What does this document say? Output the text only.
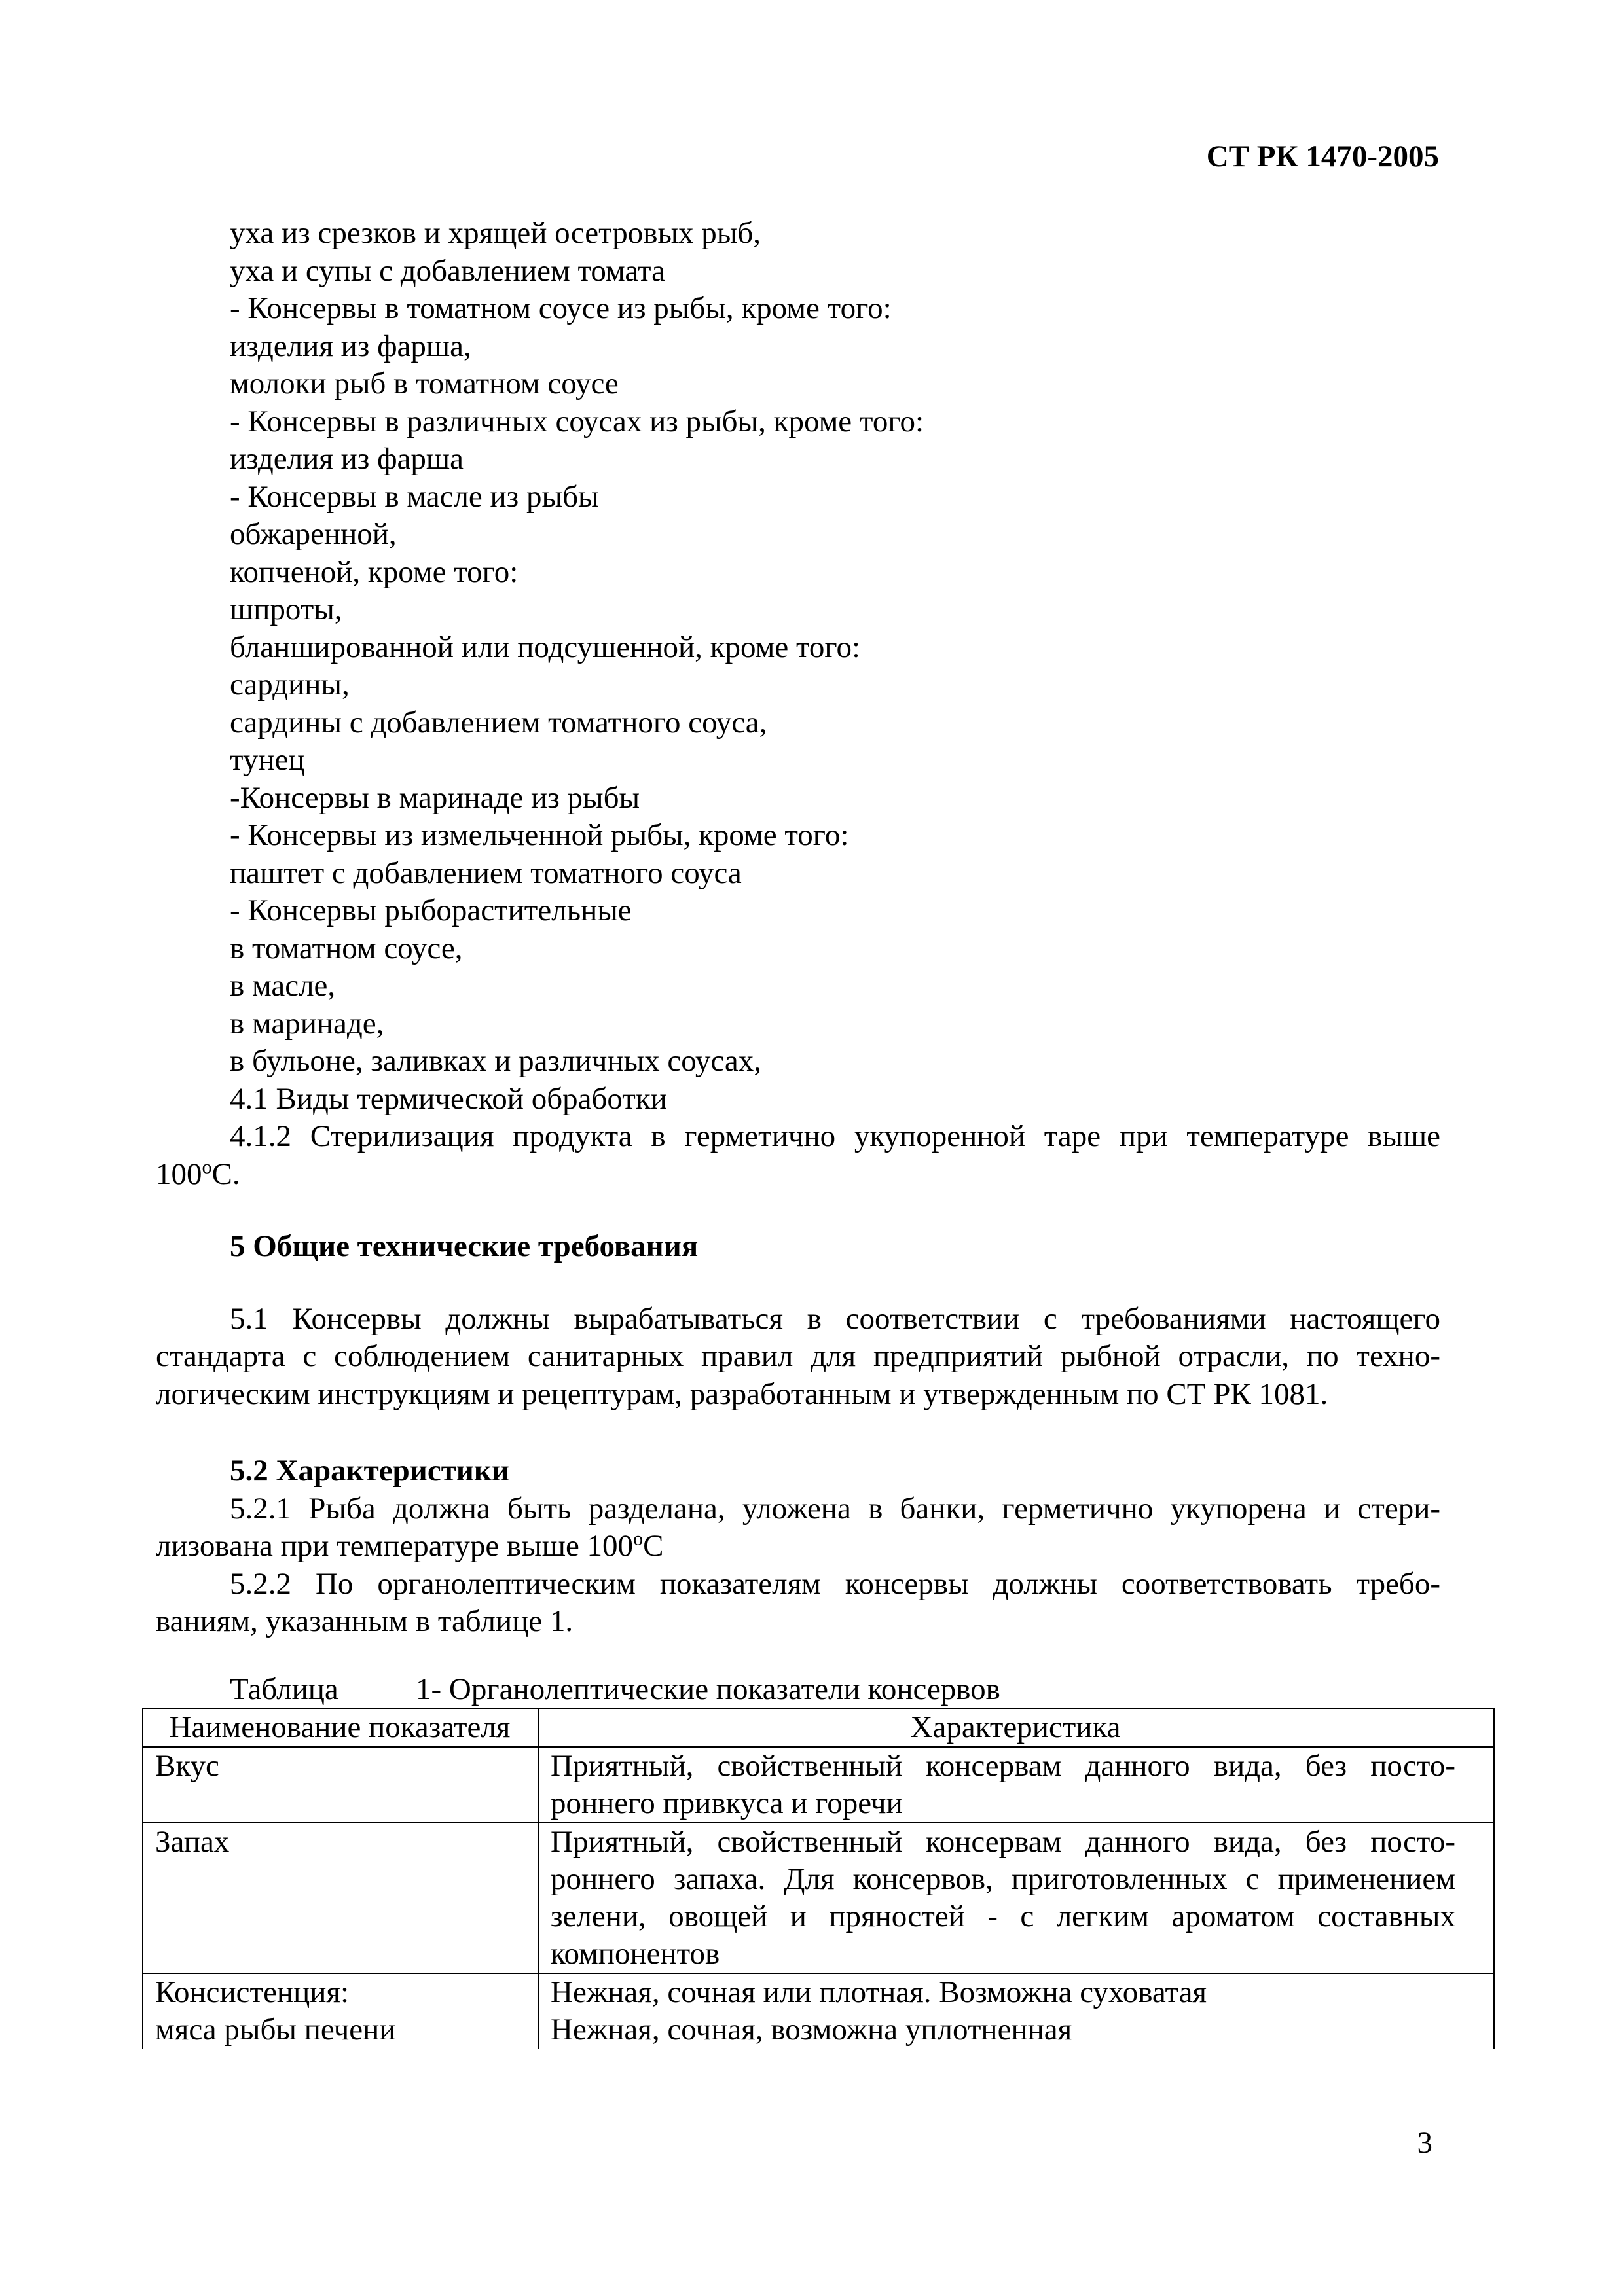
СТ РК 1470-2005

уха из срезков и хрящей осетровых рыб,

уха и супы с добавлением томата

- Консервы в томатном соусе из рыбы, кроме того:

изделия из фарша,

молоки рыб в томатном соусе

- Консервы в различных соусах из рыбы, кроме того:

изделия из фарша

- Консервы в масле из рыбы

обжаренной,

копченой, кроме того:

шпроты,

бланшированной или подсушенной, кроме того:

сардины,

сардины с добавлением томатного соуса,

тунец

-Консервы в маринаде из рыбы

- Консервы из измельченной рыбы, кроме того:

паштет с добавлением томатного соуса

- Консервы рыборастительные

в томатном соусе,

в масле,

в маринаде,

в бульоне, заливках и различных соусах,

4.1 Виды термической обработки

4.1.2 Стерилизация продукта в герметично укупоренной таре при температуре выше

$100^оС$.

5 Общие технические требования

5.1 Консервы должны вырабатываться в соответствии с требованиями настоящего

стандарта с соблюдением санитарных правил для предприятий рыбной отрасли, по техно-

логическим инструкциям и рецептурам, разработанным и утвержденным по СТ РК 1081.

5.2 Характеристики

5.2.1 Рыба должна быть разделана, уложена в банки, герметично укупорена и стери-

лизована при температуре выше $100^оС$

5.2.2 По органолептическим показателям консервы должны соответствовать требо-

ваниям, указанным в таблице 1.

Таблица	1- Органолептические показатели консервов
Наименование показателя	Характеристика
Вкус	Приятный, свойственный консервам данного вида, без посто-
роннего привкуса и горечи

Запах	Приятный, свойственный консервам данного вида, без посто-
роннего запаха. Для консервов, приготовленных с применением
зелени, овощей и пряностей - с легким ароматом составных
компонентов

Консистенция:
мяса рыбы печени	Нежная, сочная или плотная. Возможна суховатая
Нежная, сочная, возможна уплотненная
3
